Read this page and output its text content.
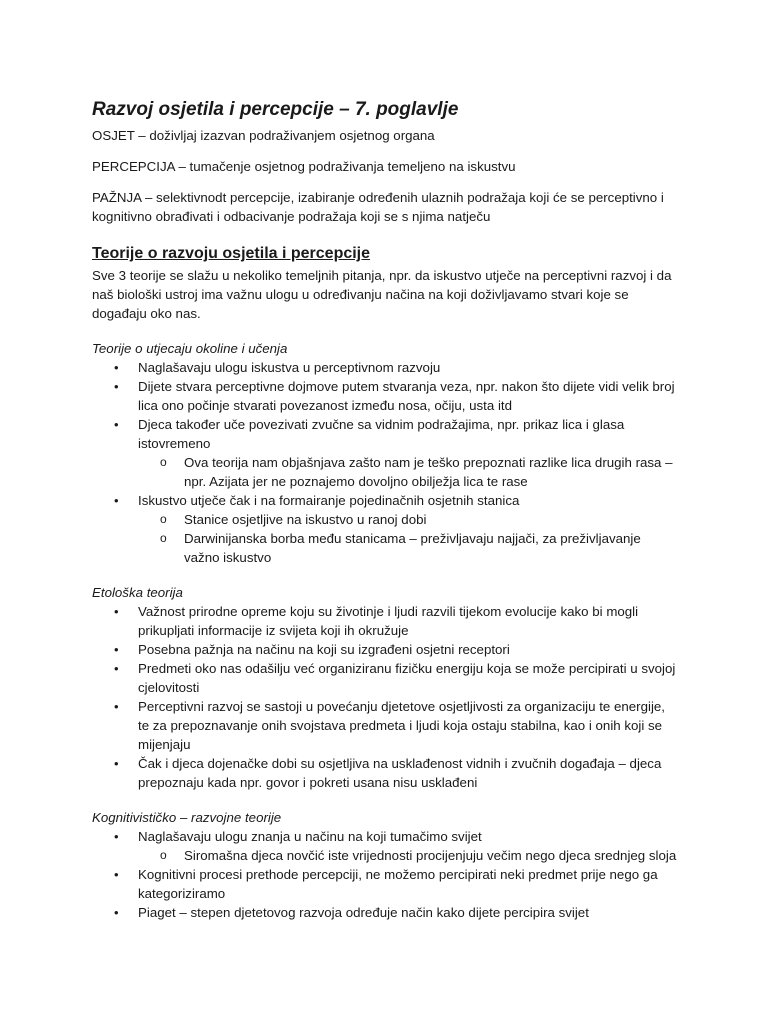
Razvoj osjetila i percepcije – 7. poglavlje

OSJET – doživljaj izazvan podraživanjem osjetnog organa

PERCEPCIJA – tumačenje osjetnog podraživanja temeljeno na iskustvu

PAŽNJA – selektivnodt percepcije, izabiranje određenih ulaznih podražaja koji će se perceptivno i kognitivno obrađivati i odbacivanje podražaja koji se s njima natječu

Teorije o razvoju osjetila i percepcije

Sve 3 teorije se slažu u nekoliko temeljnih pitanja, npr. da iskustvo utječe na perceptivni razvoj i da naš biološki ustroj ima važnu ulogu u određivanju načina na koji doživljavamo stvari koje se događaju oko nas.

Teorije o utjecaju okoline i učenja
• Naglašavaju ulogu iskustva u perceptivnom razvoju
• Dijete stvara perceptivne dojmove putem stvaranja veza, npr. nakon što dijete vidi velik broj lica ono počinje stvarati povezanost između nosa, očiju, usta itd
• Djeca također uče povezivati zvučne sa vidnim podražajima, npr. prikaz lica i glasa istovremeno
o Ova teorija nam objašnjava zašto nam je teško prepoznati razlike lica drugih rasa – npr. Azijata jer ne poznajemo dovoljno obilježja lica te rase
• Iskustvo utječe čak i na formairanje pojedinačnih osjetnih stanica
o Stanice osjetljive na iskustvo u ranoj dobi
o Darwinijanska borba među stanicama – preživljavaju najjači, za preživljavanje važno iskustvo
Etološka teorija
• Važnost prirodne opreme koju su životinje i ljudi razvili tijekom evolucije kako bi mogli prikupljati informacije iz svijeta koji ih okružuje
• Posebna pažnja na načinu na koji su izgrađeni osjetni receptori
• Predmeti oko nas odašilju već organiziranu fizičku energiju koja se može percipirati u svojoj cjelovitosti
• Perceptivni razvoj se sastoji u povećanju djetetove osjetljivosti za organizaciju te energije, te za prepoznavanje onih svojstava predmeta i ljudi koja ostaju stabilna, kao i onih koji se mijenjaju
• Čak i djeca dojenačke dobi su osjetljiva na usklađenost vidnih i zvučnih događaja – djeca prepoznaju kada npr. govor i pokreti usana nisu usklađeni
Kognitivističko – razvojne teorije
• Naglašavaju ulogu znanja u načinu na koji tumačimo svijet
o Siromašna djeca novčić iste vrijednosti procijenjuju večim nego djeca srednjeg sloja
• Kognitivni procesi prethode percepciji, ne možemo percipirati neki predmet prije nego ga kategoriziramo
• Piaget – stepen djetetovog razvoja određuje način kako dijete percipira svijet
